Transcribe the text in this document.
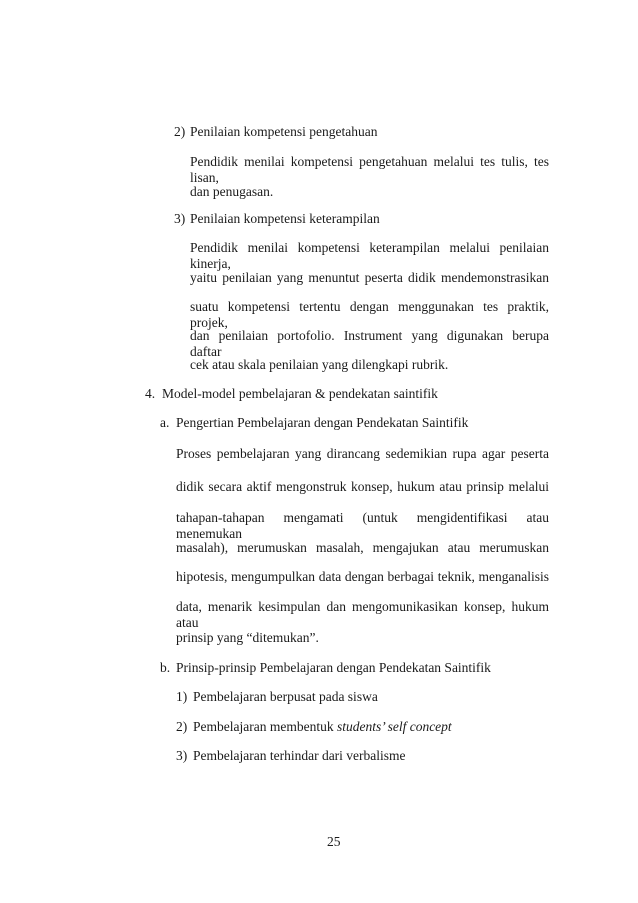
2) Penilaian kompetensi pengetahuan
Pendidik menilai kompetensi pengetahuan melalui tes tulis, tes lisan,
dan penugasan.
3) Penilaian kompetensi keterampilan
Pendidik menilai kompetensi keterampilan melalui penilaian kinerja,
yaitu penilaian yang menuntut peserta didik mendemonstrasikan
suatu kompetensi tertentu dengan menggunakan tes praktik, projek,
dan penilaian portofolio. Instrument yang digunakan berupa daftar
cek atau skala penilaian yang dilengkapi rubrik.
4. Model-model pembelajaran & pendekatan saintifik
a. Pengertian Pembelajaran dengan Pendekatan Saintifik
Proses pembelajaran yang dirancang sedemikian rupa agar peserta
didik secara aktif mengonstruk konsep, hukum atau prinsip melalui
tahapan-tahapan mengamati (untuk mengidentifikasi atau menemukan
masalah), merumuskan masalah, mengajukan atau merumuskan
hipotesis, mengumpulkan data dengan berbagai teknik, menganalisis
data, menarik kesimpulan dan mengomunikasikan konsep, hukum atau
prinsip yang “ditemukan”.
b. Prinsip-prinsip Pembelajaran dengan Pendekatan Saintifik
1) Pembelajaran berpusat pada siswa
2) Pembelajaran membentuk students’ self concept
3) Pembelajaran terhindar dari verbalisme
25
